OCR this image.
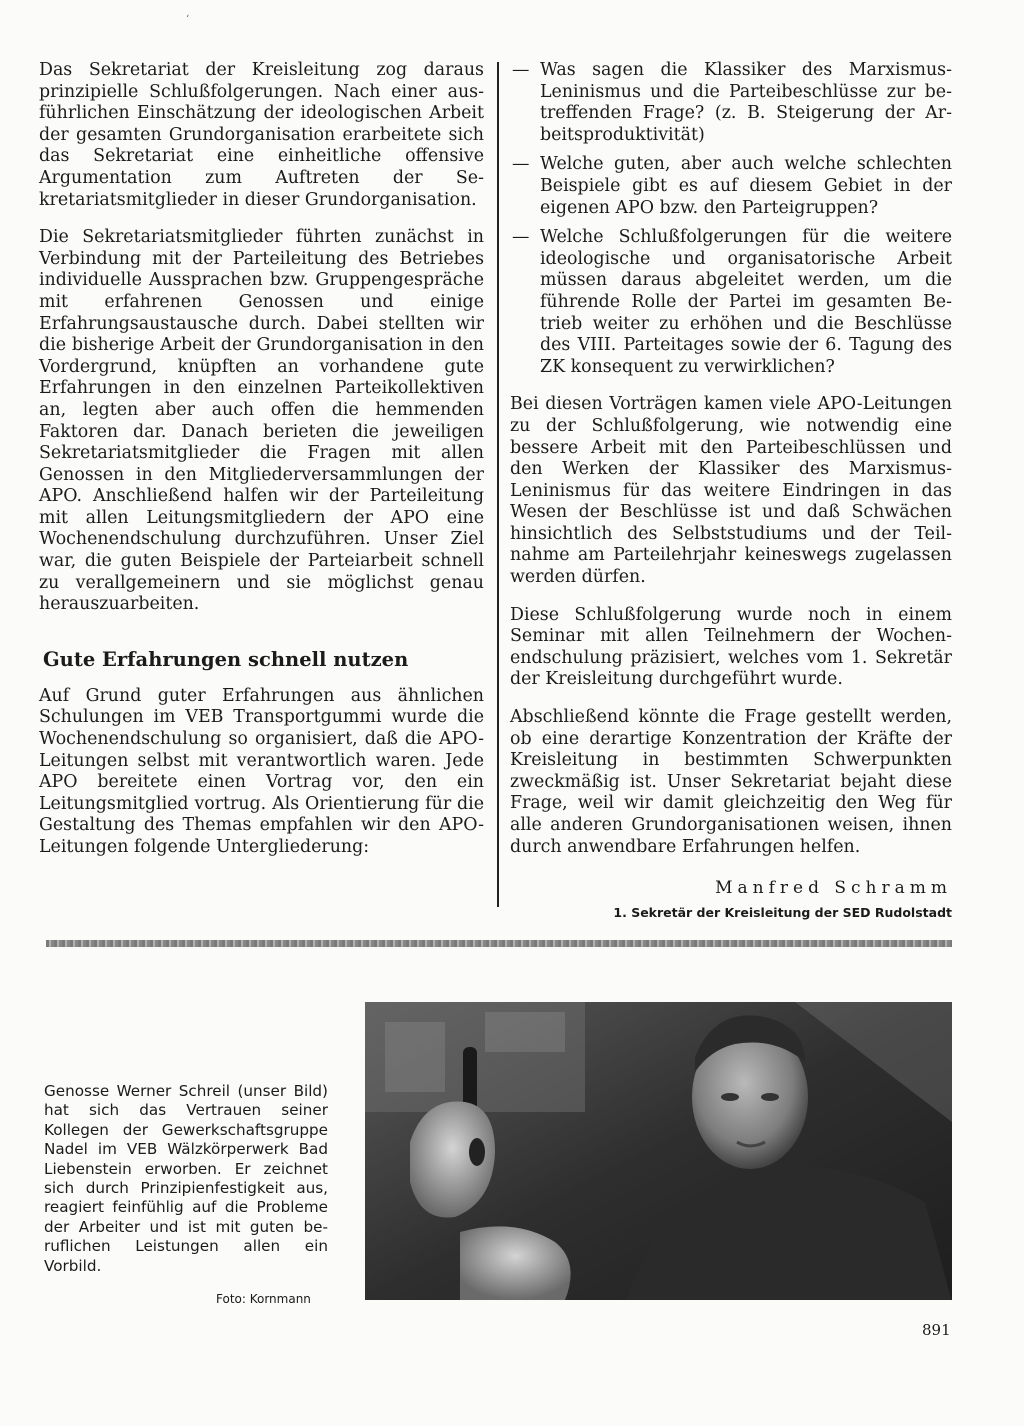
‘

Das Sekretariat der Kreisleitung zog daraus prinzipielle Schlußfolgerungen. Nach einer ausführlichen Einschätzung der ideologischen Arbeit der gesamten Grundorganisation erarbeitete sich das Sekretariat eine einheitliche offensive Argumentation zum Auftreten der Sekretariatsmitglieder in dieser Grundorganisation.

Die Sekretariatsmitglieder führten zunächst in Verbindung mit der Parteileitung des Betriebes individuelle Aussprachen bzw. Gruppengespräche mit erfahrenen Genossen und einige Erfahrungsaustausche durch. Dabei stellten wir die bisherige Arbeit der Grundorganisation in den Vordergrund, knüpften an vorhandene gute Erfahrungen in den einzelnen Parteikollektiven an, legten aber auch offen die hemmenden Faktoren dar. Danach berieten die jeweiligen Sekretariatsmitglieder die Fragen mit allen Genossen in den Mitgliederversammlungen der APO. Anschließend halfen wir der Parteileitung mit allen Leitungsmitgliedern der APO eine Wochenendschulung durchzuführen. Unser Ziel war, die guten Beispiele der Parteiarbeit schnell zu verallgemeinern und sie möglichst genau herauszuarbeiten.

Gute Erfahrungen schnell nutzen

Auf Grund guter Erfahrungen aus ähnlichen Schulungen im VEB Transportgummi wurde die Wochenendschulung so organisiert, daß die APO-Leitungen selbst mit verantwortlich waren. Jede APO bereitete einen Vortrag vor, den ein Leitungsmitglied vortrug. Als Orientierung für die Gestaltung des Themas empfahlen wir den APO-Leitungen folgende Untergliederung:

— Was sagen die Klassiker des Marxismus-Leninismus und die Parteibeschlüsse zur betreffenden Frage? (z. B. Steigerung der Arbeitsproduktivität)
— Welche guten, aber auch welche schlechten Beispiele gibt es auf diesem Gebiet in der eigenen APO bzw. den Parteigruppen?
— Welche Schlußfolgerungen für die weitere ideologische und organisatorische Arbeit müssen daraus abgeleitet werden, um die führende Rolle der Partei im gesamten Betrieb weiter zu erhöhen und die Beschlüsse des VIII. Parteitages sowie der 6. Tagung des ZK konsequent zu verwirklichen?

Bei diesen Vorträgen kamen viele APO-Leitungen zu der Schlußfolgerung, wie notwendig eine bessere Arbeit mit den Parteibeschlüssen und den Werken der Klassiker des Marxismus-Leninismus für das weitere Eindringen in das Wesen der Beschlüsse ist und daß Schwächen hinsichtlich des Selbststudiums und der Teilnahme am Parteilehrjahr keineswegs zugelassen werden dürfen.

Diese Schlußfolgerung wurde noch in einem Seminar mit allen Teilnehmern der Wochenendschulung präzisiert, welches vom 1. Sekretär der Kreisleitung durchgeführt wurde.

Abschließend könnte die Frage gestellt werden, ob eine derartige Konzentration der Kräfte der Kreisleitung in bestimmten Schwerpunkten zweckmäßig ist. Unser Sekretariat bejaht diese Frage, weil wir damit gleichzeitig den Weg für alle anderen Grundorganisationen weisen, ihnen durch anwendbare Erfahrungen helfen.

Manfred Schramm
1. Sekretär der Kreisleitung der SED Rudolstadt
Genosse Werner Schreil (unser Bild) hat sich das Vertrauen seiner Kollegen der Gewerkschaftsgruppe Nadel im VEB Wälzkörperwerk Bad Liebenstein erworben. Er zeichnet sich durch Prinzipienfestigkeit aus, reagiert feinfühlig auf die Probleme der Arbeiter und ist mit guten beruflichen Leistungen allen ein Vorbild.
Foto: Kornmann
891
